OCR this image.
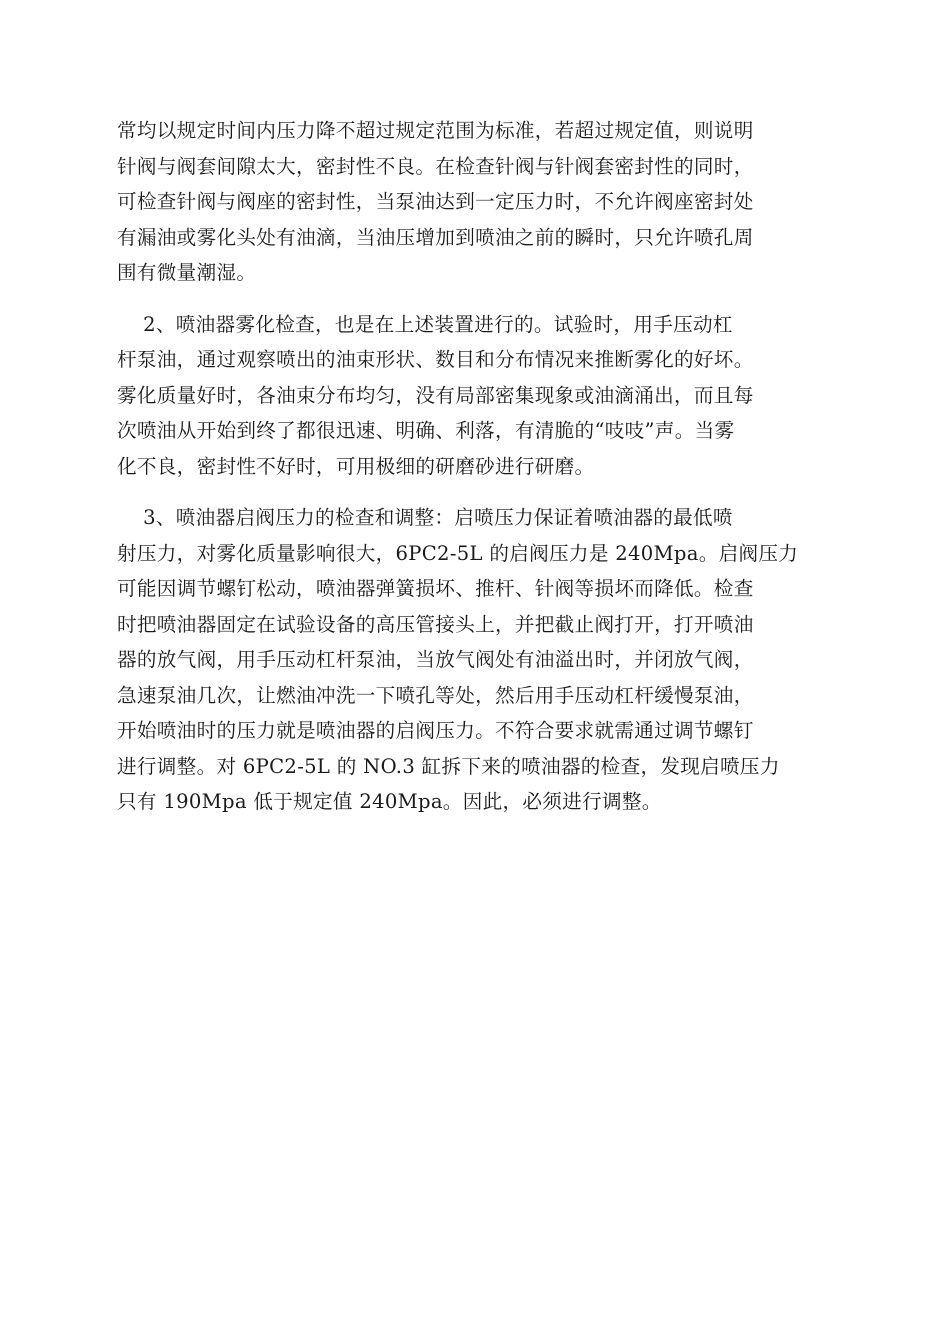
常均以规定时间内压力降不超过规定范围为标准，若超过规定值，则说明
针阀与阀套间隙太大，密封性不良。在检查针阀与针阀套密封性的同时，
可检查针阀与阀座的密封性，当泵油达到一定压力时，不允许阀座密封处
有漏油或雾化头处有油滴，当油压增加到喷油之前的瞬时，只允许喷孔周
围有微量潮湿。

2、喷油器雾化检查，也是在上述装置进行的。试验时，用手压动杠
杆泵油，通过观察喷出的油束形状、数目和分布情况来推断雾化的好坏。
雾化质量好时，各油束分布均匀，没有局部密集现象或油滴涌出，而且每
次喷油从开始到终了都很迅速、明确、利落，有清脆的“吱吱”声。当雾
化不良，密封性不好时，可用极细的研磨砂进行研磨。

3、喷油器启阀压力的检查和调整：启喷压力保证着喷油器的最低喷
射压力，对雾化质量影响很大，6PC2-5L 的启阀压力是 240Mpa。启阀压力
可能因调节螺钉松动，喷油器弹簧损坏、推杆、针阀等损坏而降低。检查
时把喷油器固定在试验设备的高压管接头上，并把截止阀打开，打开喷油
器的放气阀，用手压动杠杆泵油，当放气阀处有油溢出时，并闭放气阀，
急速泵油几次，让燃油冲洗一下喷孔等处，然后用手压动杠杆缓慢泵油，
开始喷油时的压力就是喷油器的启阀压力。不符合要求就需通过调节螺钉
进行调整。对 6PC2-5L 的 NO.3 缸拆下来的喷油器的检查，发现启喷压力
只有 190Mpa 低于规定值 240Mpa。因此，必须进行调整。
